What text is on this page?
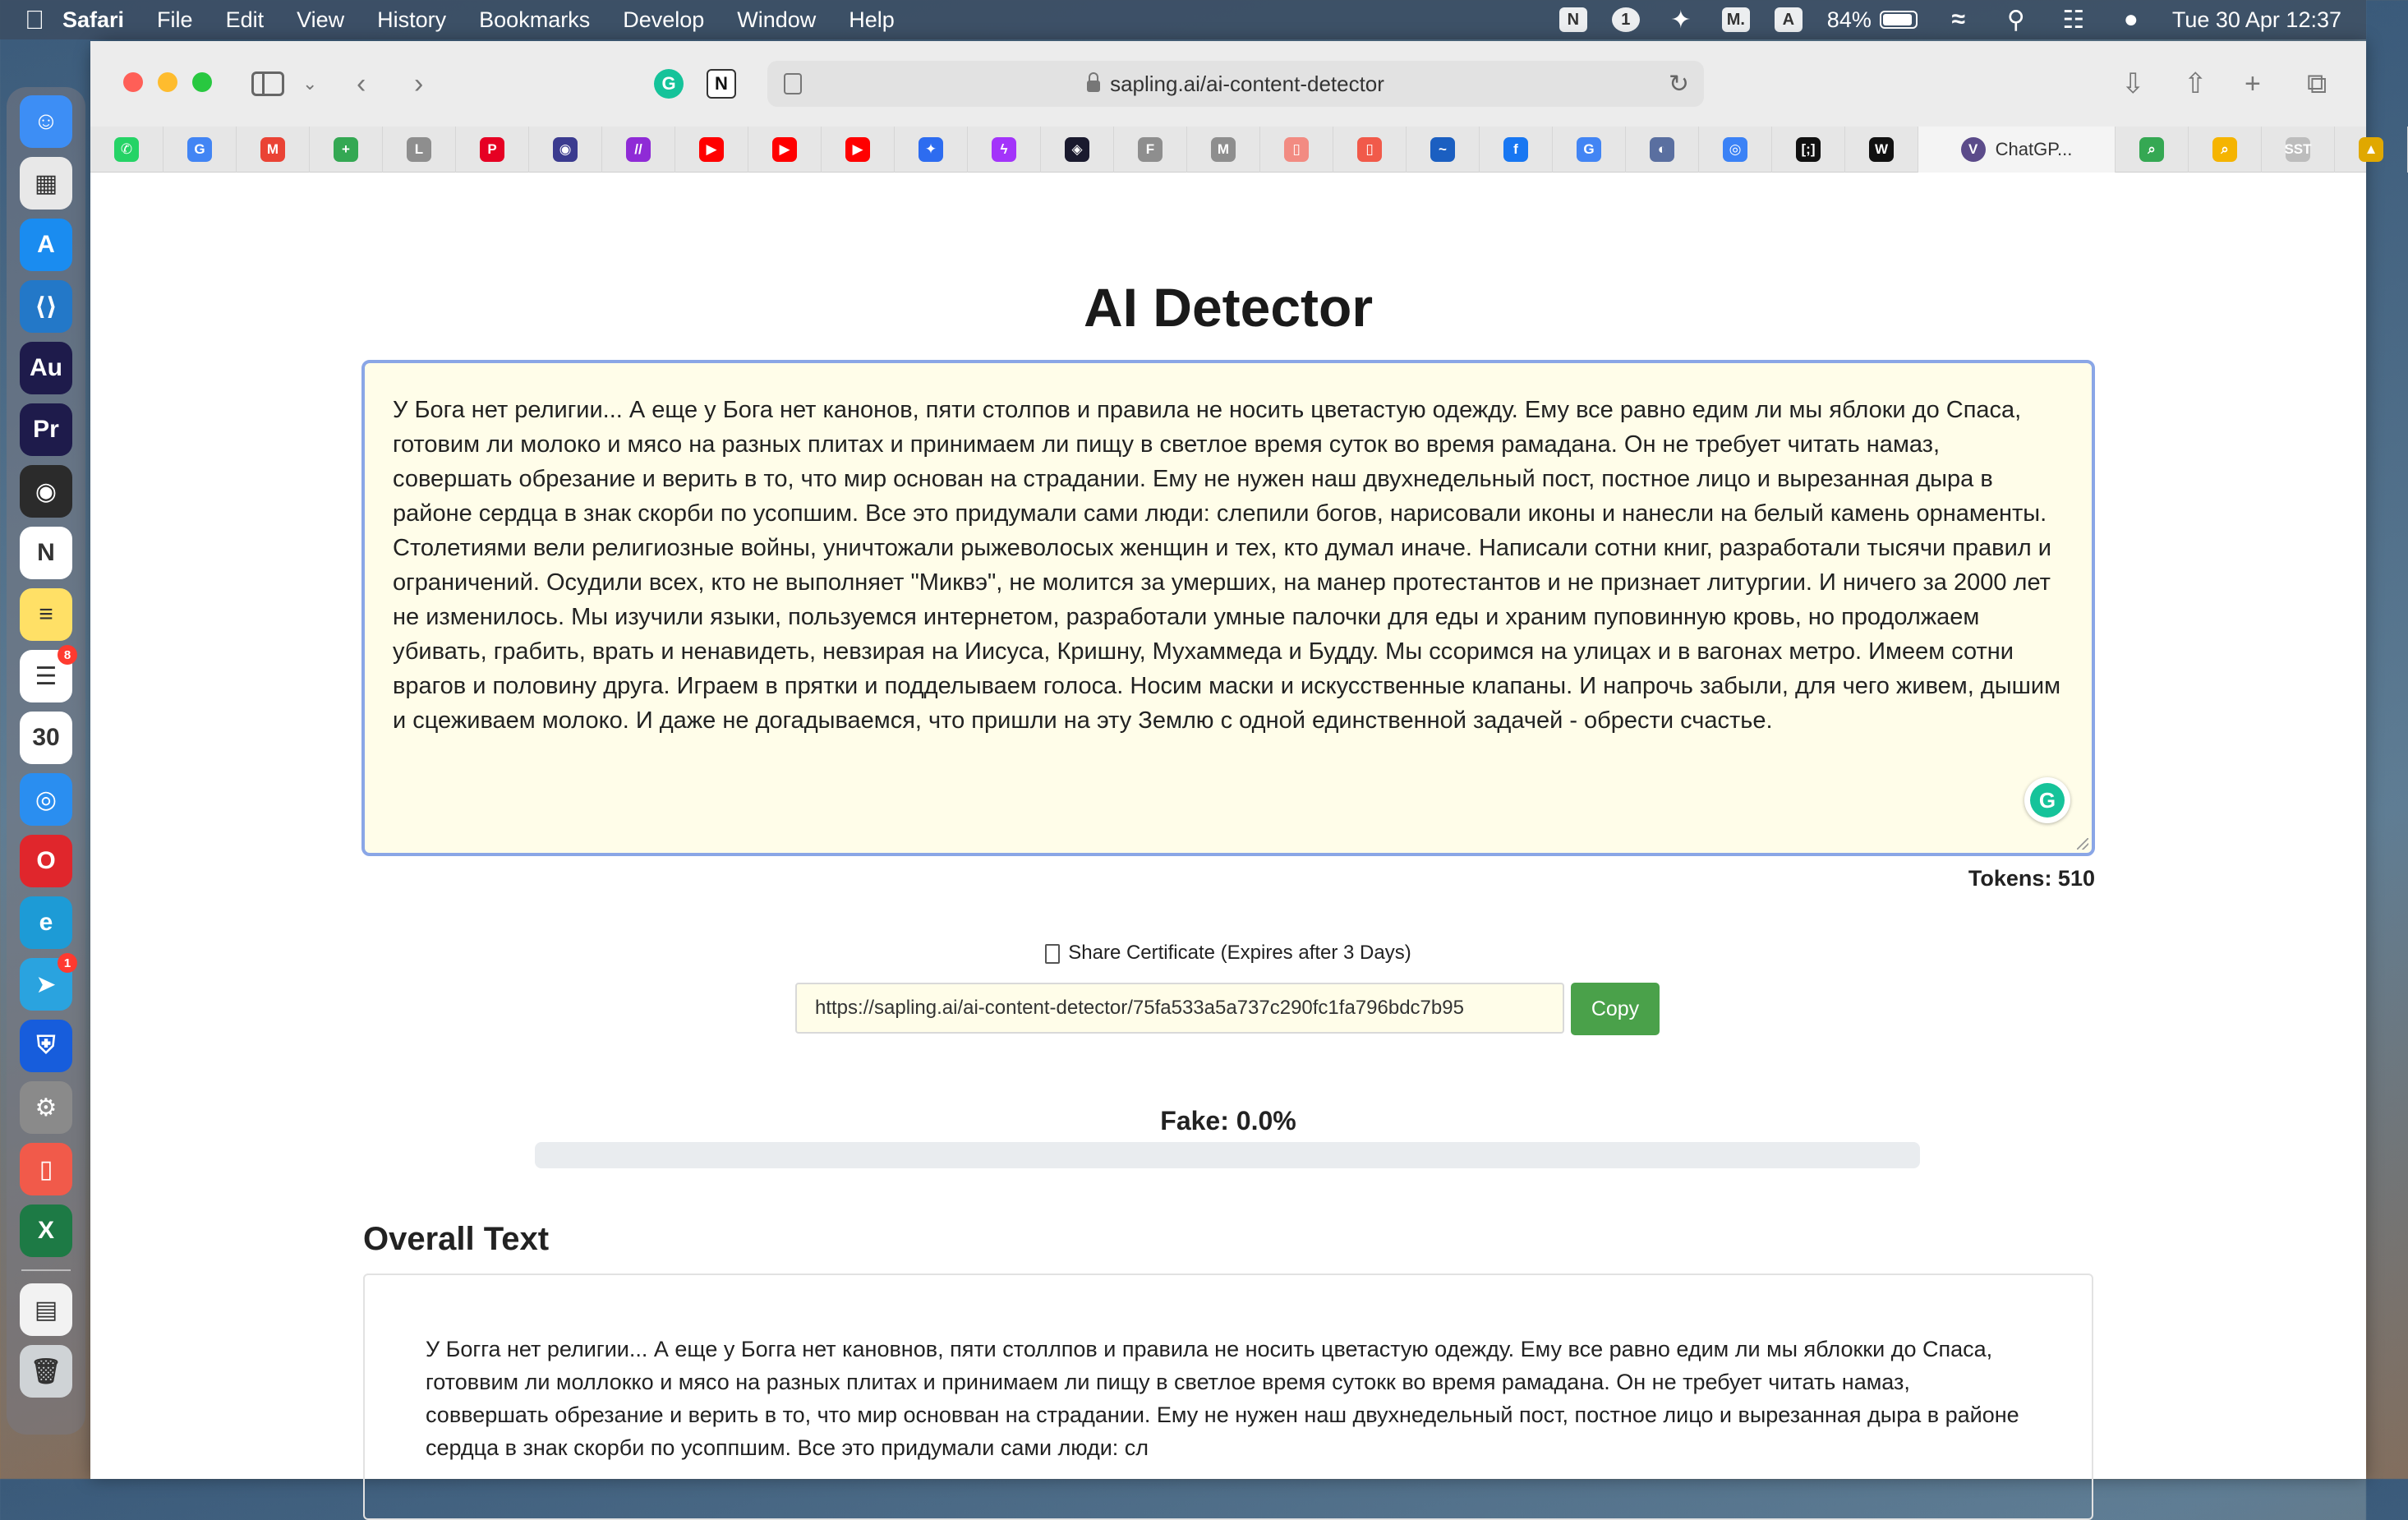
Safari File Edit View History Bookmarks Develop Window Help	N	1	✦	M.	A	84%	≈	⚲	☷	●	Tue 30 Apr 12:37
☺
▦
A
⟨⟩
Au
Pr
◉
N
≡
☰
8
30
◎
O
e
➤
1
⛨
⚙
▯
X
▤
🗑
⌄ ‹ ›	G	N	sapling.ai/ai-content-detector	↻	⇩ ⇧ + ⧉
✆	G	M	+	L	P	◉	//	▶	▶	▶	✦	ϟ	◈	F	M	▯	▯	~	f	G	◐	◎	[;]	W	V ChatGP...	⌕	⌕	SST	▲
AI Detector
У Бога нет религии... А еще у Бога нет канонов, пяти столпов и правила не носить цветастую одежду. Ему все равно едим ли мы яблоки до Спаса, готовим ли молоко и мясо на разных плитах и принимаем ли пищу в светлое время суток во время рамадана. Он не требует читать намаз, совершать обрезание и верить в то, что мир основан на страдании. Ему не нужен наш двухнедельный пост, постное лицо и вырезанная дыра в районе сердца в знак скорби по усопшим. Все это придумали сами люди: слепили богов, нарисовали иконы и нанесли на белый камень орнаменты. Столетиями вели религиозные войны, уничтожали рыжеволосых женщин и тех, кто думал иначе. Написали сотни книг, разработали тысячи правил и ограничений. Осудили всех, кто не выполняет "Миквэ", не молится за умерших, на манер протестантов и не признает литургии. И ничего за 2000 лет не изменилось. Мы изучили языки, пользуемся интернетом, разработали умные палочки для еды и храним пуповинную кровь, но продолжаем убивать, грабить, врать и ненавидеть, невзирая на Иисуса, Кришну, Мухаммеда и Будду. Мы ссоримся на улицах и в вагонах метро. Имеем сотни врагов и половину друга. Играем в прятки и подделываем голоса. Носим маски и искусственные клапаны. И напрочь забыли, для чего живем, дышим и сцеживаем молоко. И даже не догадываемся, что пришли на эту Землю с одной единственной задачей - обрести счастье.
G
Tokens: 510
Share Certificate (Expires after 3 Days)
https://sapling.ai/ai-content-detector/75fa533a5a737c290fc1fa796bdc7b95
Copy
Fake: 0.0%
Overall Text
У Богга нет религии... А еще у Богга нет кановнов, пяти столлпов и правила не носить цветастую одежду. Ему все равно едим ли мы яблокки до Спаса, готоввим ли моллокко и мясо на разных плитах и принимаем ли пищу в светлое время сутокк во время рамадана. Он не требует читать намаз, соввершать обрезание и верить в то, что мир основван на страдании. Ему не нужен наш двухнедельный пост, постное лицо и вырезанная дыра в районе сердца в знак скорби по усоппшим. Все это придумали сами люди: сл
